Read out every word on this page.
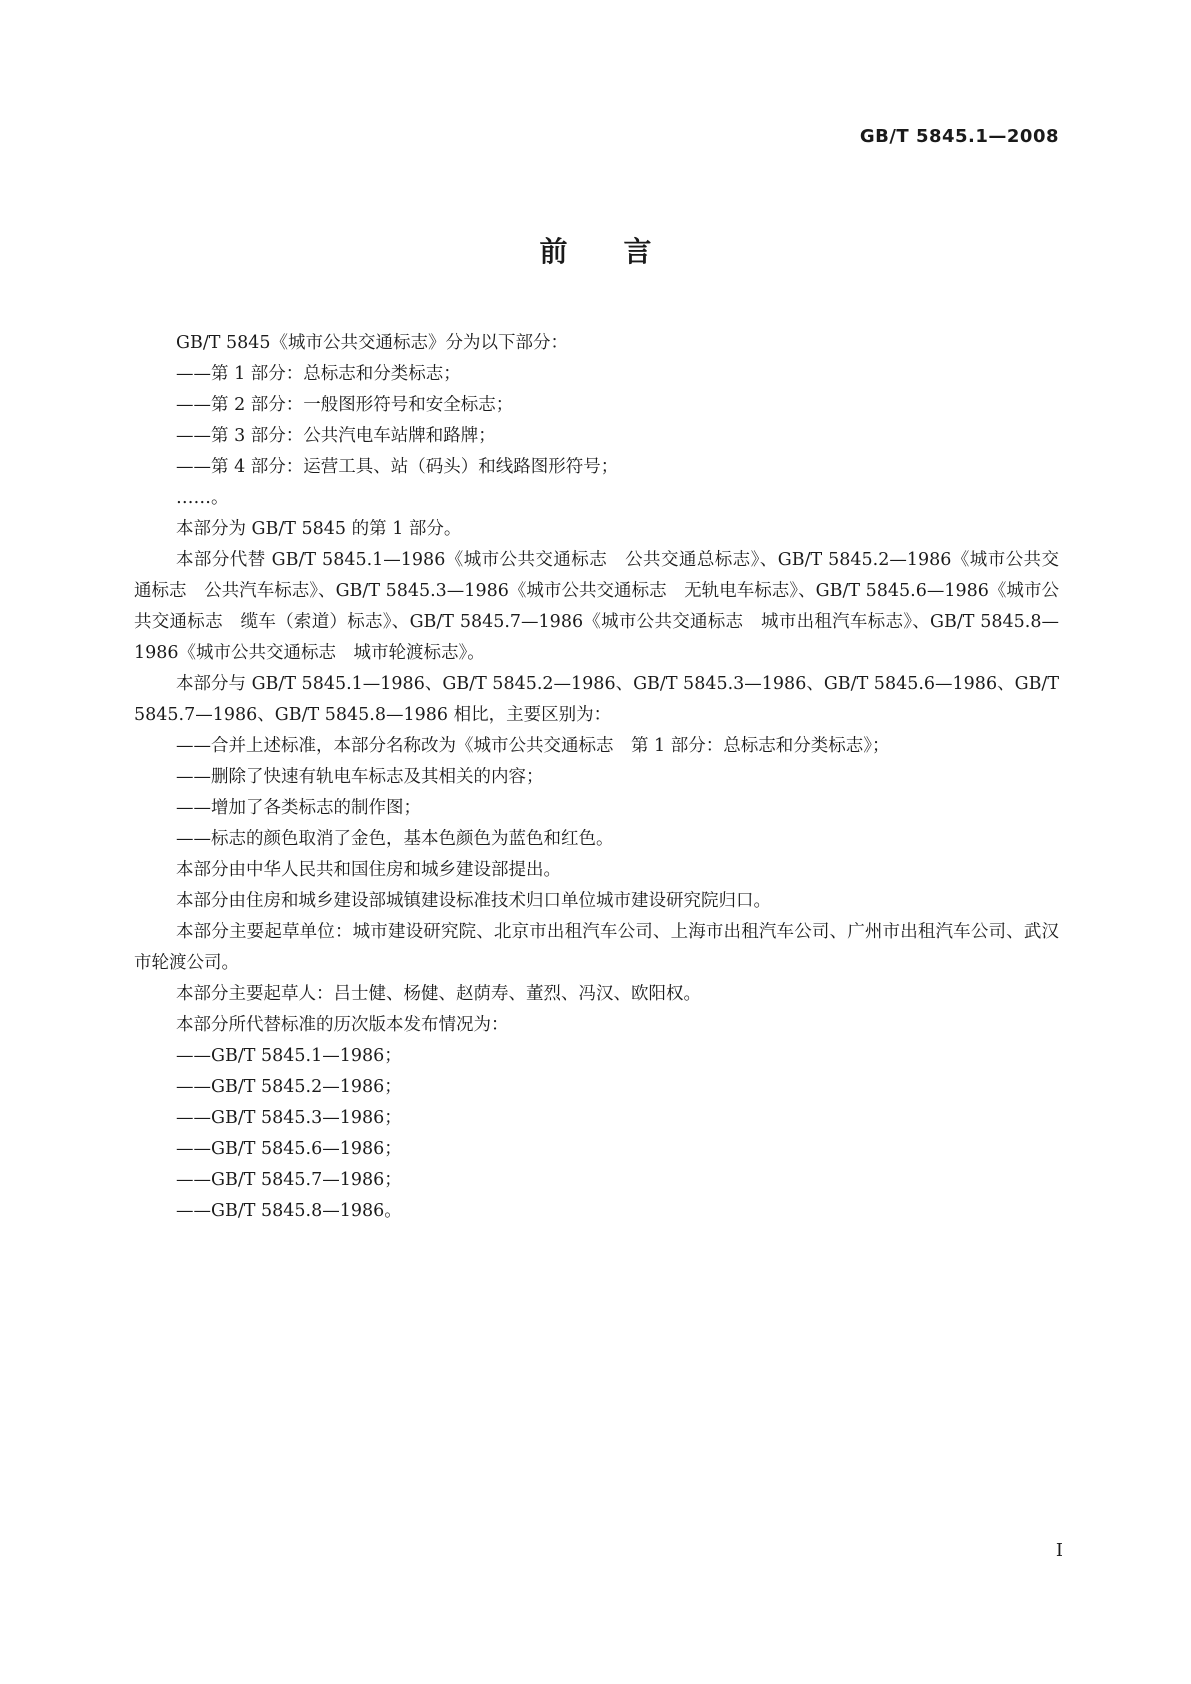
GB/T 5845.1—2008
前言

GB/T 5845《城市公共交通标志》分为以下部分：

——第 1 部分：总标志和分类标志；

——第 2 部分：一般图形符号和安全标志；

——第 3 部分：公共汽电车站牌和路牌；

——第 4 部分：运营工具、站（码头）和线路图形符号；

……。

本部分为 GB/T 5845 的第 1 部分。

本部分代替 GB/T 5845.1—1986《城市公共交通标志　公共交通总标志》、GB/T 5845.2—1986《城市公共交通标志　公共汽车标志》、GB/T 5845.3—1986《城市公共交通标志　无轨电车标志》、GB/T 5845.6—1986《城市公共交通标志　缆车（索道）标志》、GB/T 5845.7—1986《城市公共交通标志　城市出租汽车标志》、GB/T 5845.8—1986《城市公共交通标志　城市轮渡标志》。

本部分与 GB/T 5845.1—1986、GB/T 5845.2—1986、GB/T 5845.3—1986、GB/T 5845.6—1986、GB/T 5845.7—1986、GB/T 5845.8—1986 相比，主要区别为：

——合并上述标准，本部分名称改为《城市公共交通标志　第 1 部分：总标志和分类标志》；

——删除了快速有轨电车标志及其相关的内容；

——增加了各类标志的制作图；

——标志的颜色取消了金色，基本色颜色为蓝色和红色。

本部分由中华人民共和国住房和城乡建设部提出。

本部分由住房和城乡建设部城镇建设标准技术归口单位城市建设研究院归口。

本部分主要起草单位：城市建设研究院、北京市出租汽车公司、上海市出租汽车公司、广州市出租汽车公司、武汉市轮渡公司。

本部分主要起草人：吕士健、杨健、赵荫寿、董烈、冯汉、欧阳权。

本部分所代替标准的历次版本发布情况为：

——GB/T 5845.1—1986；

——GB/T 5845.2—1986；

——GB/T 5845.3—1986；

——GB/T 5845.6—1986；

——GB/T 5845.7—1986；

——GB/T 5845.8—1986。

I
